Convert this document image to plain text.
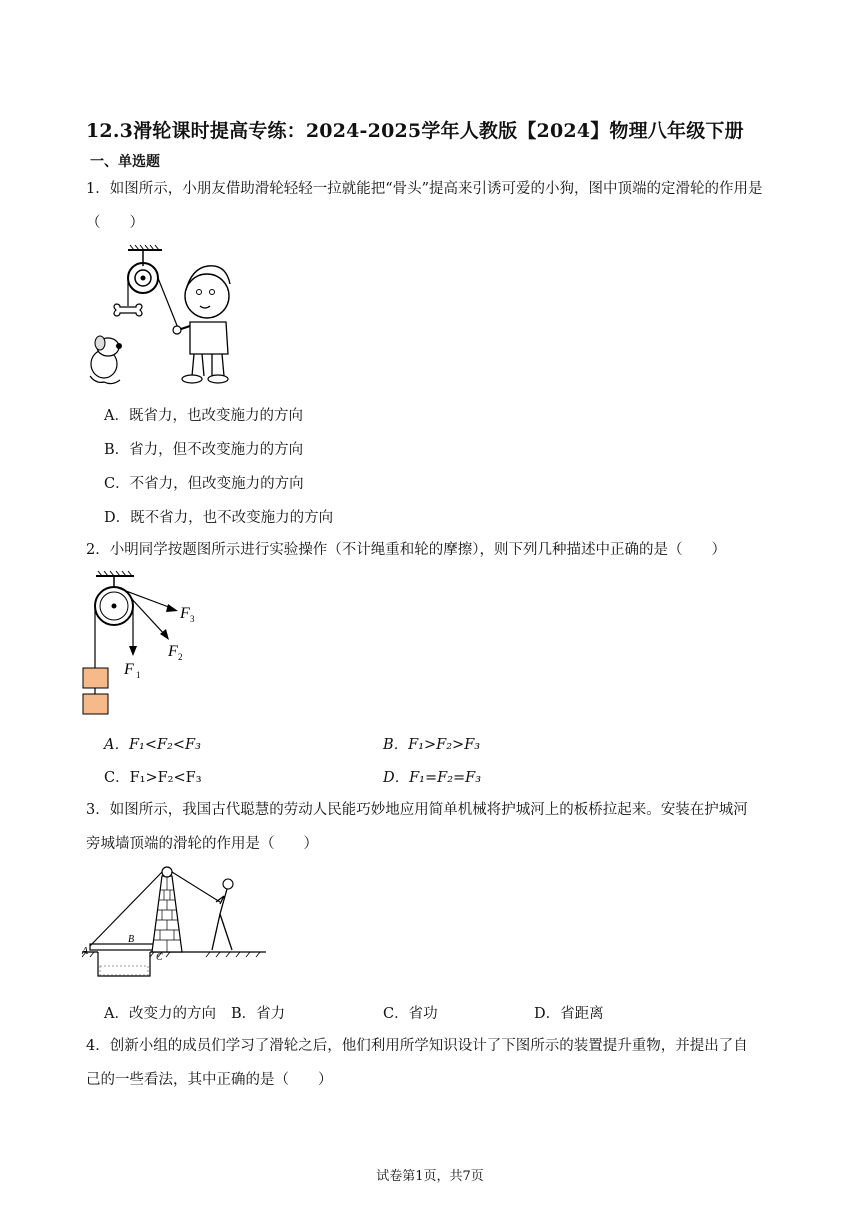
12.3滑轮课时提高专练：2024-2025学年人教版【2024】物理八年级下册
一、单选题
1．如图所示，小朋友借助滑轮轻轻一拉就能把“骨头”提高来引诱可爱的小狗，图中顶端的定滑轮的作用是
（　　）
A．既省力，也改变施力的方向
B．省力，但不改变施力的方向
C．不省力，但改变施力的方向
D．既不省力，也不改变施力的方向
2．小明同学按题图所示进行实验操作（不计绳重和轮的摩擦），则下列几种描述中正确的是（　　）
F 1
F 2
F 3
A．F₁<F₂<F₃	B．F₁>F₂>F₃
C．F₁>F₂<F₃	D．F₁=F₂=F₃
3．如图所示，我国古代聪慧的劳动人民能巧妙地应用简单机械将护城河上的板桥拉起来。安装在护城河
旁城墙顶端的滑轮的作用是（　　）
A
B
C
A．改变力的方向 B．省力	C．省功	D．省距离
4．创新小组的成员们学习了滑轮之后，他们利用所学知识设计了下图所示的装置提升重物，并提出了自
己的一些看法，其中正确的是（　　）
试卷第1页，共7页
